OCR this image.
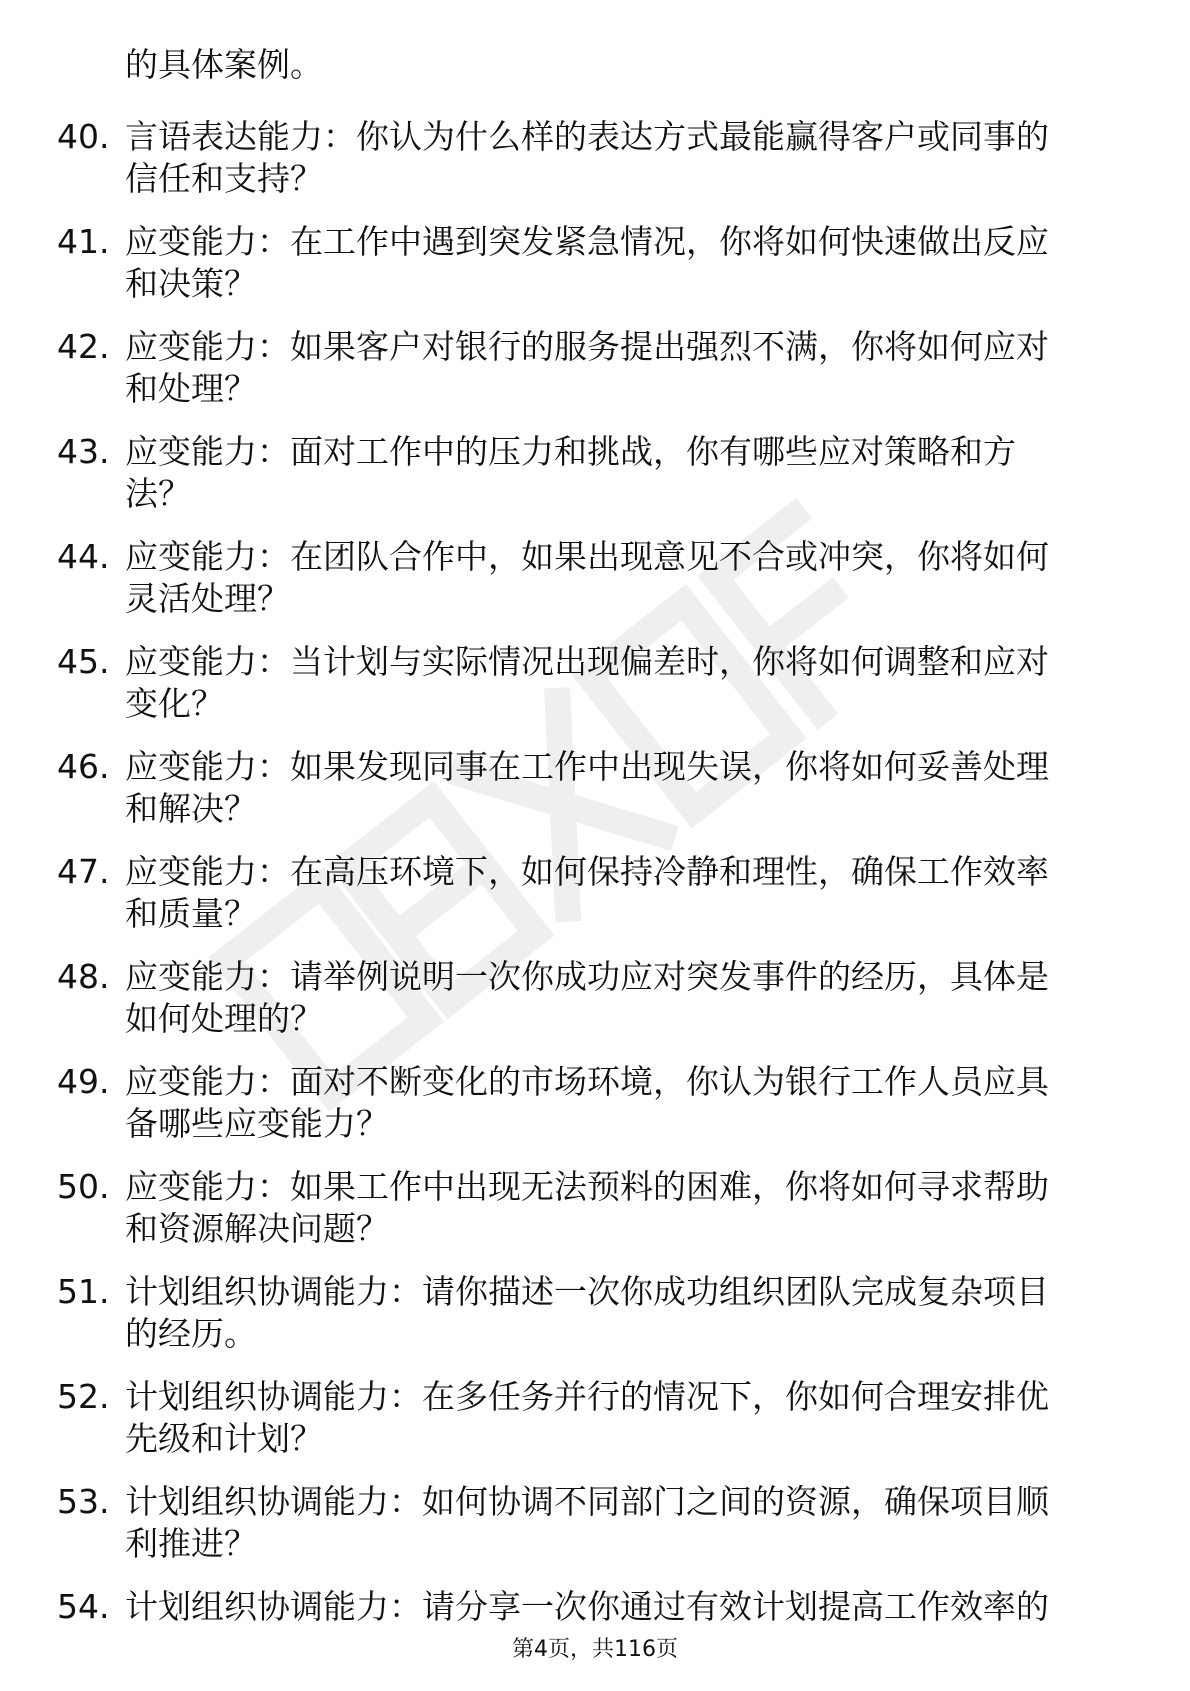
的具体案例。
40. 言语表达能力：你认为什么样的表达方式最能赢得客户或同事的
信任和支持？
41. 应变能力：在工作中遇到突发紧急情况，你将如何快速做出反应
和决策？
42. 应变能力：如果客户对银行的服务提出强烈不满，你将如何应对
和处理？
43. 应变能力：面对工作中的压力和挑战，你有哪些应对策略和方
法？
44. 应变能力：在团队合作中，如果出现意见不合或冲突，你将如何
灵活处理？
45. 应变能力：当计划与实际情况出现偏差时，你将如何调整和应对
变化？
46. 应变能力：如果发现同事在工作中出现失误，你将如何妥善处理
和解决？
47. 应变能力：在高压环境下，如何保持冷静和理性，确保工作效率
和质量？
48. 应变能力：请举例说明一次你成功应对突发事件的经历，具体是
如何处理的？
49. 应变能力：面对不断变化的市场环境，你认为银行工作人员应具
备哪些应变能力？
50. 应变能力：如果工作中出现无法预料的困难，你将如何寻求帮助
和资源解决问题？
51. 计划组织协调能力：请你描述一次你成功组织团队完成复杂项目
的经历。
52. 计划组织协调能力：在多任务并行的情况下，你如何合理安排优
先级和计划？
53. 计划组织协调能力：如何协调不同部门之间的资源，确保项目顺
利推进？
54. 计划组织协调能力：请分享一次你通过有效计划提高工作效率的
第4页，共116页
